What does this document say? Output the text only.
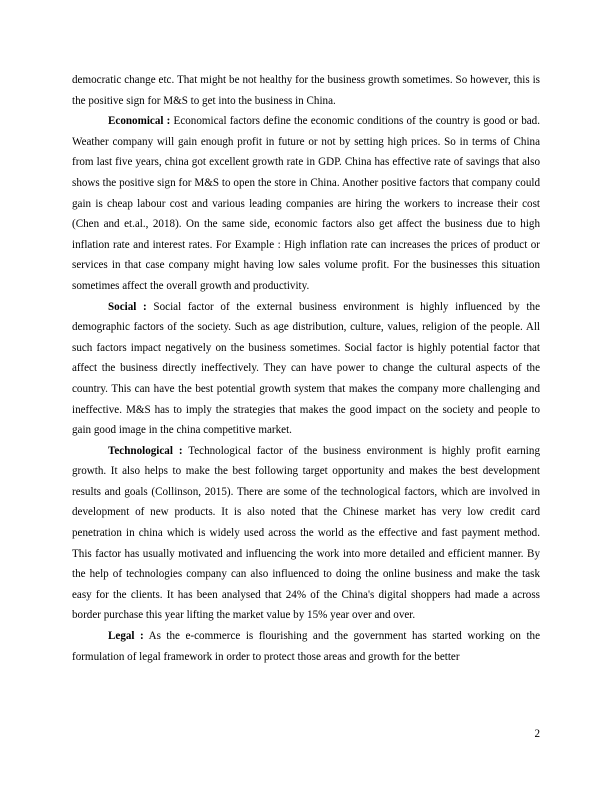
democratic change etc. That might be not healthy for the business growth sometimes. So however, this is the positive sign for M&S to get into the business in China.

Economical : Economical factors define the economic conditions of the country is good or bad. Weather company will gain enough profit in future or not by setting high prices. So in terms of China from last five years, china got excellent growth rate in GDP. China has effective rate of savings that also shows the positive sign for M&S to open the store in China. Another positive factors that company could gain is cheap labour cost and various leading companies are hiring the workers to increase their cost (Chen and et.al., 2018). On the same side, economic factors also get affect the business due to high inflation rate and interest rates. For Example : High inflation rate can increases the prices of product or services in that case company might having low sales volume profit. For the businesses this situation sometimes affect the overall growth and productivity.

Social : Social factor of the external business environment is highly influenced by the demographic factors of the society. Such as age distribution, culture, values, religion of the people. All such factors impact negatively on the business sometimes. Social factor is highly potential factor that affect the business directly ineffectively. They can have power to change the cultural aspects of the country. This can have the best potential growth system that makes the company more challenging and ineffective. M&S has to imply the strategies that makes the good impact on the society and people to gain good image in the china competitive market.

Technological : Technological factor of the business environment is highly profit earning growth. It also helps to make the best following target opportunity and makes the best development results and goals (Collinson, 2015). There are some of the technological factors, which are involved in development of new products. It is also noted that the Chinese market has very low credit card penetration in china which is widely used across the world as the effective and fast payment method. This factor has usually motivated and influencing the work into more detailed and efficient manner. By the help of technologies company can also influenced to doing the online business and make the task easy for the clients. It has been analysed that 24% of the China's digital shoppers had made a across border purchase this year lifting the market value by 15% year over and over.

Legal : As the e-commerce is flourishing and the government has started working on the formulation of legal framework in order to protect those areas and growth for the better

2
